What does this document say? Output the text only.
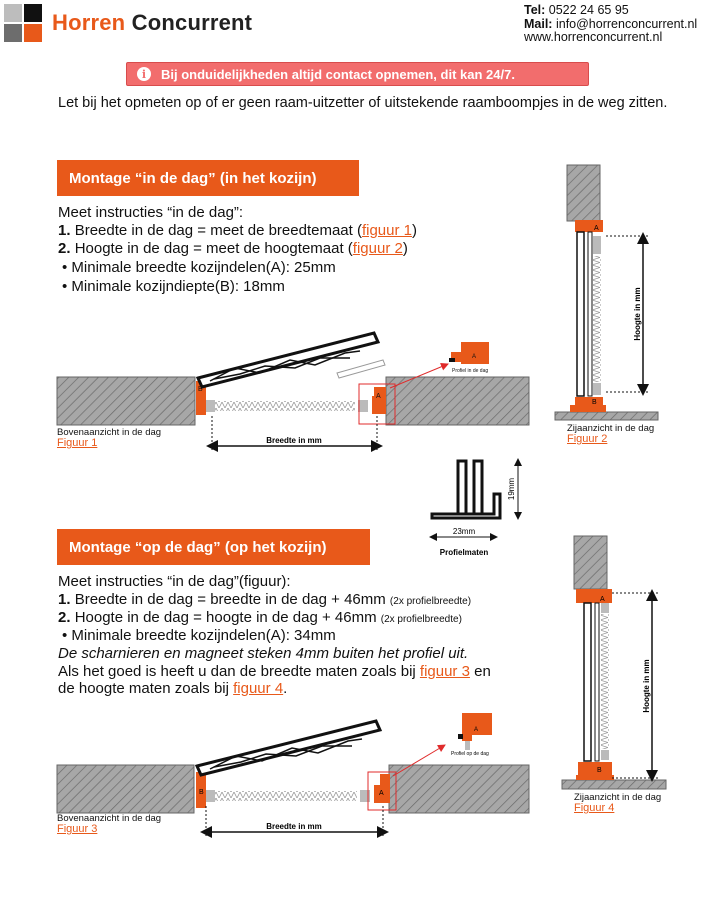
Horren Concurrent	Tel: 0522 24 65 95
Mail: info@horrenconcurrent.nl
www.horrenconcurrent.nl
i	Bij onduidelijkheden altijd contact opnemen, dit kan 24/7.
Let bij het opmeten op of er geen raam-uitzetter of uitstekende raamboompjes in de weg zitten.
Montage “in de dag” (in het kozijn)
Meet instructies “in de dag”:
1. Breedte in de dag = meet de breedtemaat (figuur 1)
2. Hoogte in de dag = meet de hoogtemaat (figuur 2)
• Minimale breedte kozijndelen(A): 25mm
• Minimale kozijndiepte(B): 18mm
Montage “op de dag” (op het kozijn)
Meet instructies “in de dag”(figuur):
1. Breedte in de dag = breedte in de dag + 46mm (2x profielbreedte)
2. Hoogte in de dag = hoogte in de dag + 46mm (2x profielbreedte)
• Minimale breedte kozijndelen(A): 34mm
De scharnieren en magneet steken 4mm buiten het profiel uit.
Als het goed is heeft u dan de breedte maten zoals bij figuur 3 en
de hoogte maten zoals bij figuur 4.
Breedte in mm
B
A
A
Profiel in de dag
Hoogte in mm
A
B
19mm
23mm
Profielmaten
Breedte in mm
B	A
A
Profiel op de dag
Hoogte in mm
A
B
Bovenaanzicht in de dag
Figuur 1
Zijaanzicht in de dag
Figuur 2
Bovenaanzicht in de dag
Figuur 3
Zijaanzicht in de dag
Figuur 4
